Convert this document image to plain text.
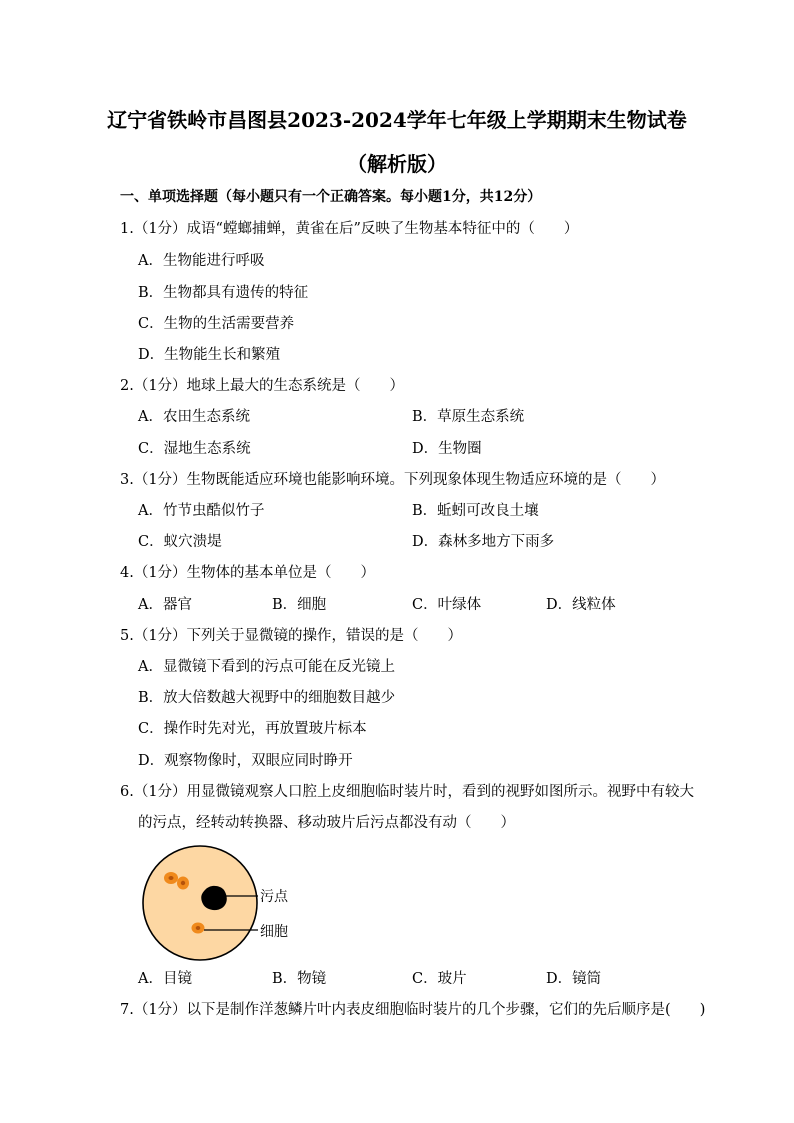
辽宁省铁岭市昌图县2023-2024学年七年级上学期期末生物试卷
（解析版）
一、单项选择题（每小题只有一个正确答案。每小题1分，共12分）
1.（1分）成语“螳螂捕蝉，黄雀在后”反映了生物基本特征中的（　　）
A．生物能进行呼吸
B．生物都具有遗传的特征
C．生物的生活需要营养
D．生物能生长和繁殖
2.（1分）地球上最大的生态系统是（　　）
A．农田生态系统	B．草原生态系统
C．湿地生态系统	D．生物圈
3.（1分）生物既能适应环境也能影响环境。下列现象体现生物适应环境的是（　　）
A．竹节虫酷似竹子	B．蚯蚓可改良土壤
C．蚁穴溃堤	D．森林多地方下雨多
4.（1分）生物体的基本单位是（　　）
A．器官	B．细胞	C．叶绿体	D．线粒体
5.（1分）下列关于显微镜的操作，错误的是（　　）
A．显微镜下看到的污点可能在反光镜上
B．放大倍数越大视野中的细胞数目越少
C．操作时先对光，再放置玻片标本
D．观察物像时，双眼应同时睁开
6.（1分）用显微镜观察人口腔上皮细胞临时装片时，看到的视野如图所示。视野中有较大
的污点，经转动转换器、移动玻片后污点都没有动（　　）
污点
细胞
A．目镜	B．物镜	C．玻片	D．镜筒
7.（1分）以下是制作洋葱鳞片叶内表皮细胞临时装片的几个步骤，它们的先后顺序是(　　)
